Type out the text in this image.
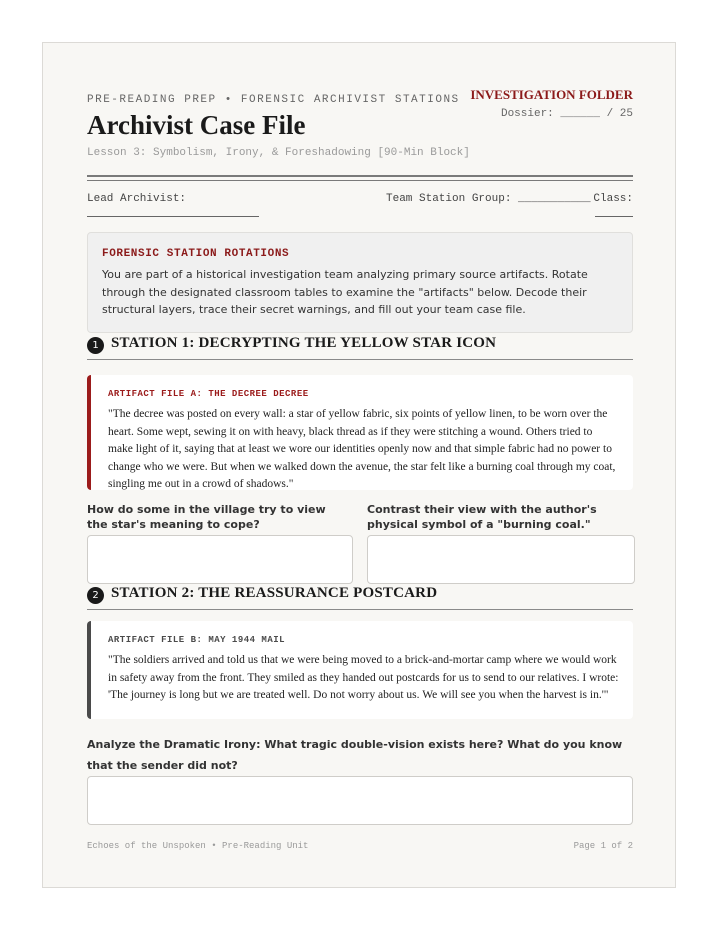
PRE-READING PREP • FORENSIC ARCHIVIST STATIONS INVESTIGATION FOLDER
Dossier: ______ / 25
Archivist Case File
Lesson 3: Symbolism, Irony, & Foreshadowing [90-Min Block]
Lead Archivist:	Team Station Group: ___________ Class:
FORENSIC STATION ROTATIONS
You are part of a historical investigation team analyzing primary source artifacts. Rotate through the designated classroom tables to examine the "artifacts" below. Decode their structural layers, trace their secret warnings, and fill out your team case file.
1 STATION 1: DECRYPTING THE YELLOW STAR ICON
ARTIFACT FILE A: THE DECREE DECREE
"The decree was posted on every wall: a star of yellow fabric, six points of yellow linen, to be worn over the heart. Some wept, sewing it on with heavy, black thread as if they were stitching a wound. Others tried to make light of it, saying that at least we wore our identities openly now and that simple fabric had no power to change who we were. But when we walked down the avenue, the star felt like a burning coal through my coat, singling me out in a crowd of shadows."
How do some in the village try to view the star's meaning to cope?
Contrast their view with the author's physical symbol of a "burning coal."
2 STATION 2: THE REASSURANCE POSTCARD
ARTIFACT FILE B: MAY 1944 MAIL
"The soldiers arrived and told us that we were being moved to a brick-and-mortar camp where we would work in safety away from the front. They smiled as they handed out postcards for us to send to our relatives. I wrote: 'The journey is long but we are treated well. Do not worry about us. We will see you when the harvest is in.'"
Analyze the Dramatic Irony: What tragic double-vision exists here? What do you know that the sender did not?
Echoes of the Unspoken • Pre-Reading Unit	Page 1 of 2
